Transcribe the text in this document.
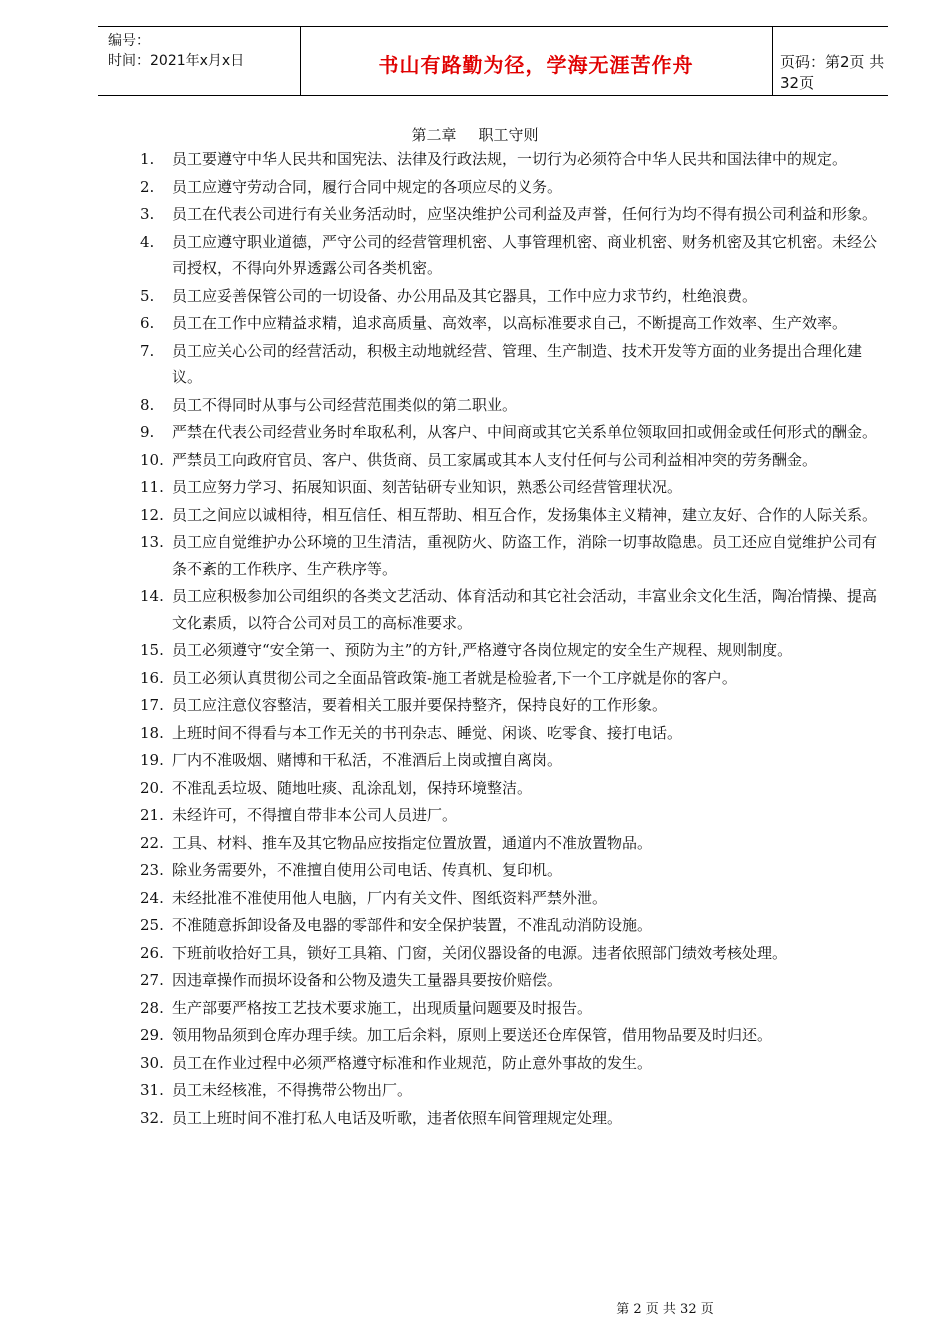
编号：
时间：2021年x月x日	书山有路勤为径，学海无涯苦作舟	页码：第2页 共32页
第二章 职工守则
1. 员工要遵守中华人民共和国宪法、法律及行政法规，一切行为必须符合中华人民共和国法律中的规定。
2. 员工应遵守劳动合同，履行合同中规定的各项应尽的义务。
3. 员工在代表公司进行有关业务活动时，应坚决维护公司利益及声誉，任何行为均不得有损公司利益和形象。
4. 员工应遵守职业道德，严守公司的经营管理机密、人事管理机密、商业机密、财务机密及其它机密。未经公司授权，不得向外界透露公司各类机密。
5. 员工应妥善保管公司的一切设备、办公用品及其它器具，工作中应力求节约，杜绝浪费。
6. 员工在工作中应精益求精，追求高质量、高效率，以高标准要求自己，不断提高工作效率、生产效率。
7. 员工应关心公司的经营活动，积极主动地就经营、管理、生产制造、技术开发等方面的业务提出合理化建议。
8. 员工不得同时从事与公司经营范围类似的第二职业。
9. 严禁在代表公司经营业务时牟取私利，从客户、中间商或其它关系单位领取回扣或佣金或任何形式的酬金。
10. 严禁员工向政府官员、客户、供货商、员工家属或其本人支付任何与公司利益相冲突的劳务酬金。
11. 员工应努力学习、拓展知识面、刻苦钻研专业知识，熟悉公司经营管理状况。
12. 员工之间应以诚相待，相互信任、相互帮助、相互合作，发扬集体主义精神，建立友好、合作的人际关系。
13. 员工应自觉维护办公环境的卫生清洁，重视防火、防盗工作，消除一切事故隐患。员工还应自觉维护公司有条不紊的工作秩序、生产秩序等。
14. 员工应积极参加公司组织的各类文艺活动、体育活动和其它社会活动，丰富业余文化生活，陶冶情操、提高文化素质，以符合公司对员工的高标准要求。
15. 员工必须遵守“安全第一、预防为主”的方针,严格遵守各岗位规定的安全生产规程、规则制度。
16. 员工必须认真贯彻公司之全面品管政策-施工者就是检验者,下一个工序就是你的客户。
17. 员工应注意仪容整洁，要着相关工服并要保持整齐，保持良好的工作形象。
18. 上班时间不得看与本工作无关的书刊杂志、睡觉、闲谈、吃零食、接打电话。
19. 厂内不准吸烟、赌博和干私活，不准酒后上岗或擅自离岗。
20. 不准乱丢垃圾、随地吐痰、乱涂乱划，保持环境整洁。
21. 未经许可，不得擅自带非本公司人员进厂。
22. 工具、材料、推车及其它物品应按指定位置放置，通道内不准放置物品。
23. 除业务需要外，不准擅自使用公司电话、传真机、复印机。
24. 未经批准不准使用他人电脑，厂内有关文件、图纸资料严禁外泄。
25. 不准随意拆卸设备及电器的零部件和安全保护装置，不准乱动消防设施。
26. 下班前收拾好工具，锁好工具箱、门窗，关闭仪器设备的电源。违者依照部门绩效考核处理。
27. 因违章操作而损坏设备和公物及遗失工量器具要按价赔偿。
28. 生产部要严格按工艺技术要求施工，出现质量问题要及时报告。
29. 领用物品须到仓库办理手续。加工后余料，原则上要送还仓库保管，借用物品要及时归还。
30. 员工在作业过程中必须严格遵守标准和作业规范，防止意外事故的发生。
31. 员工未经核准，不得携带公物出厂。
32. 员工上班时间不准打私人电话及听歌，违者依照车间管理规定处理。
第 2 页 共 32 页
